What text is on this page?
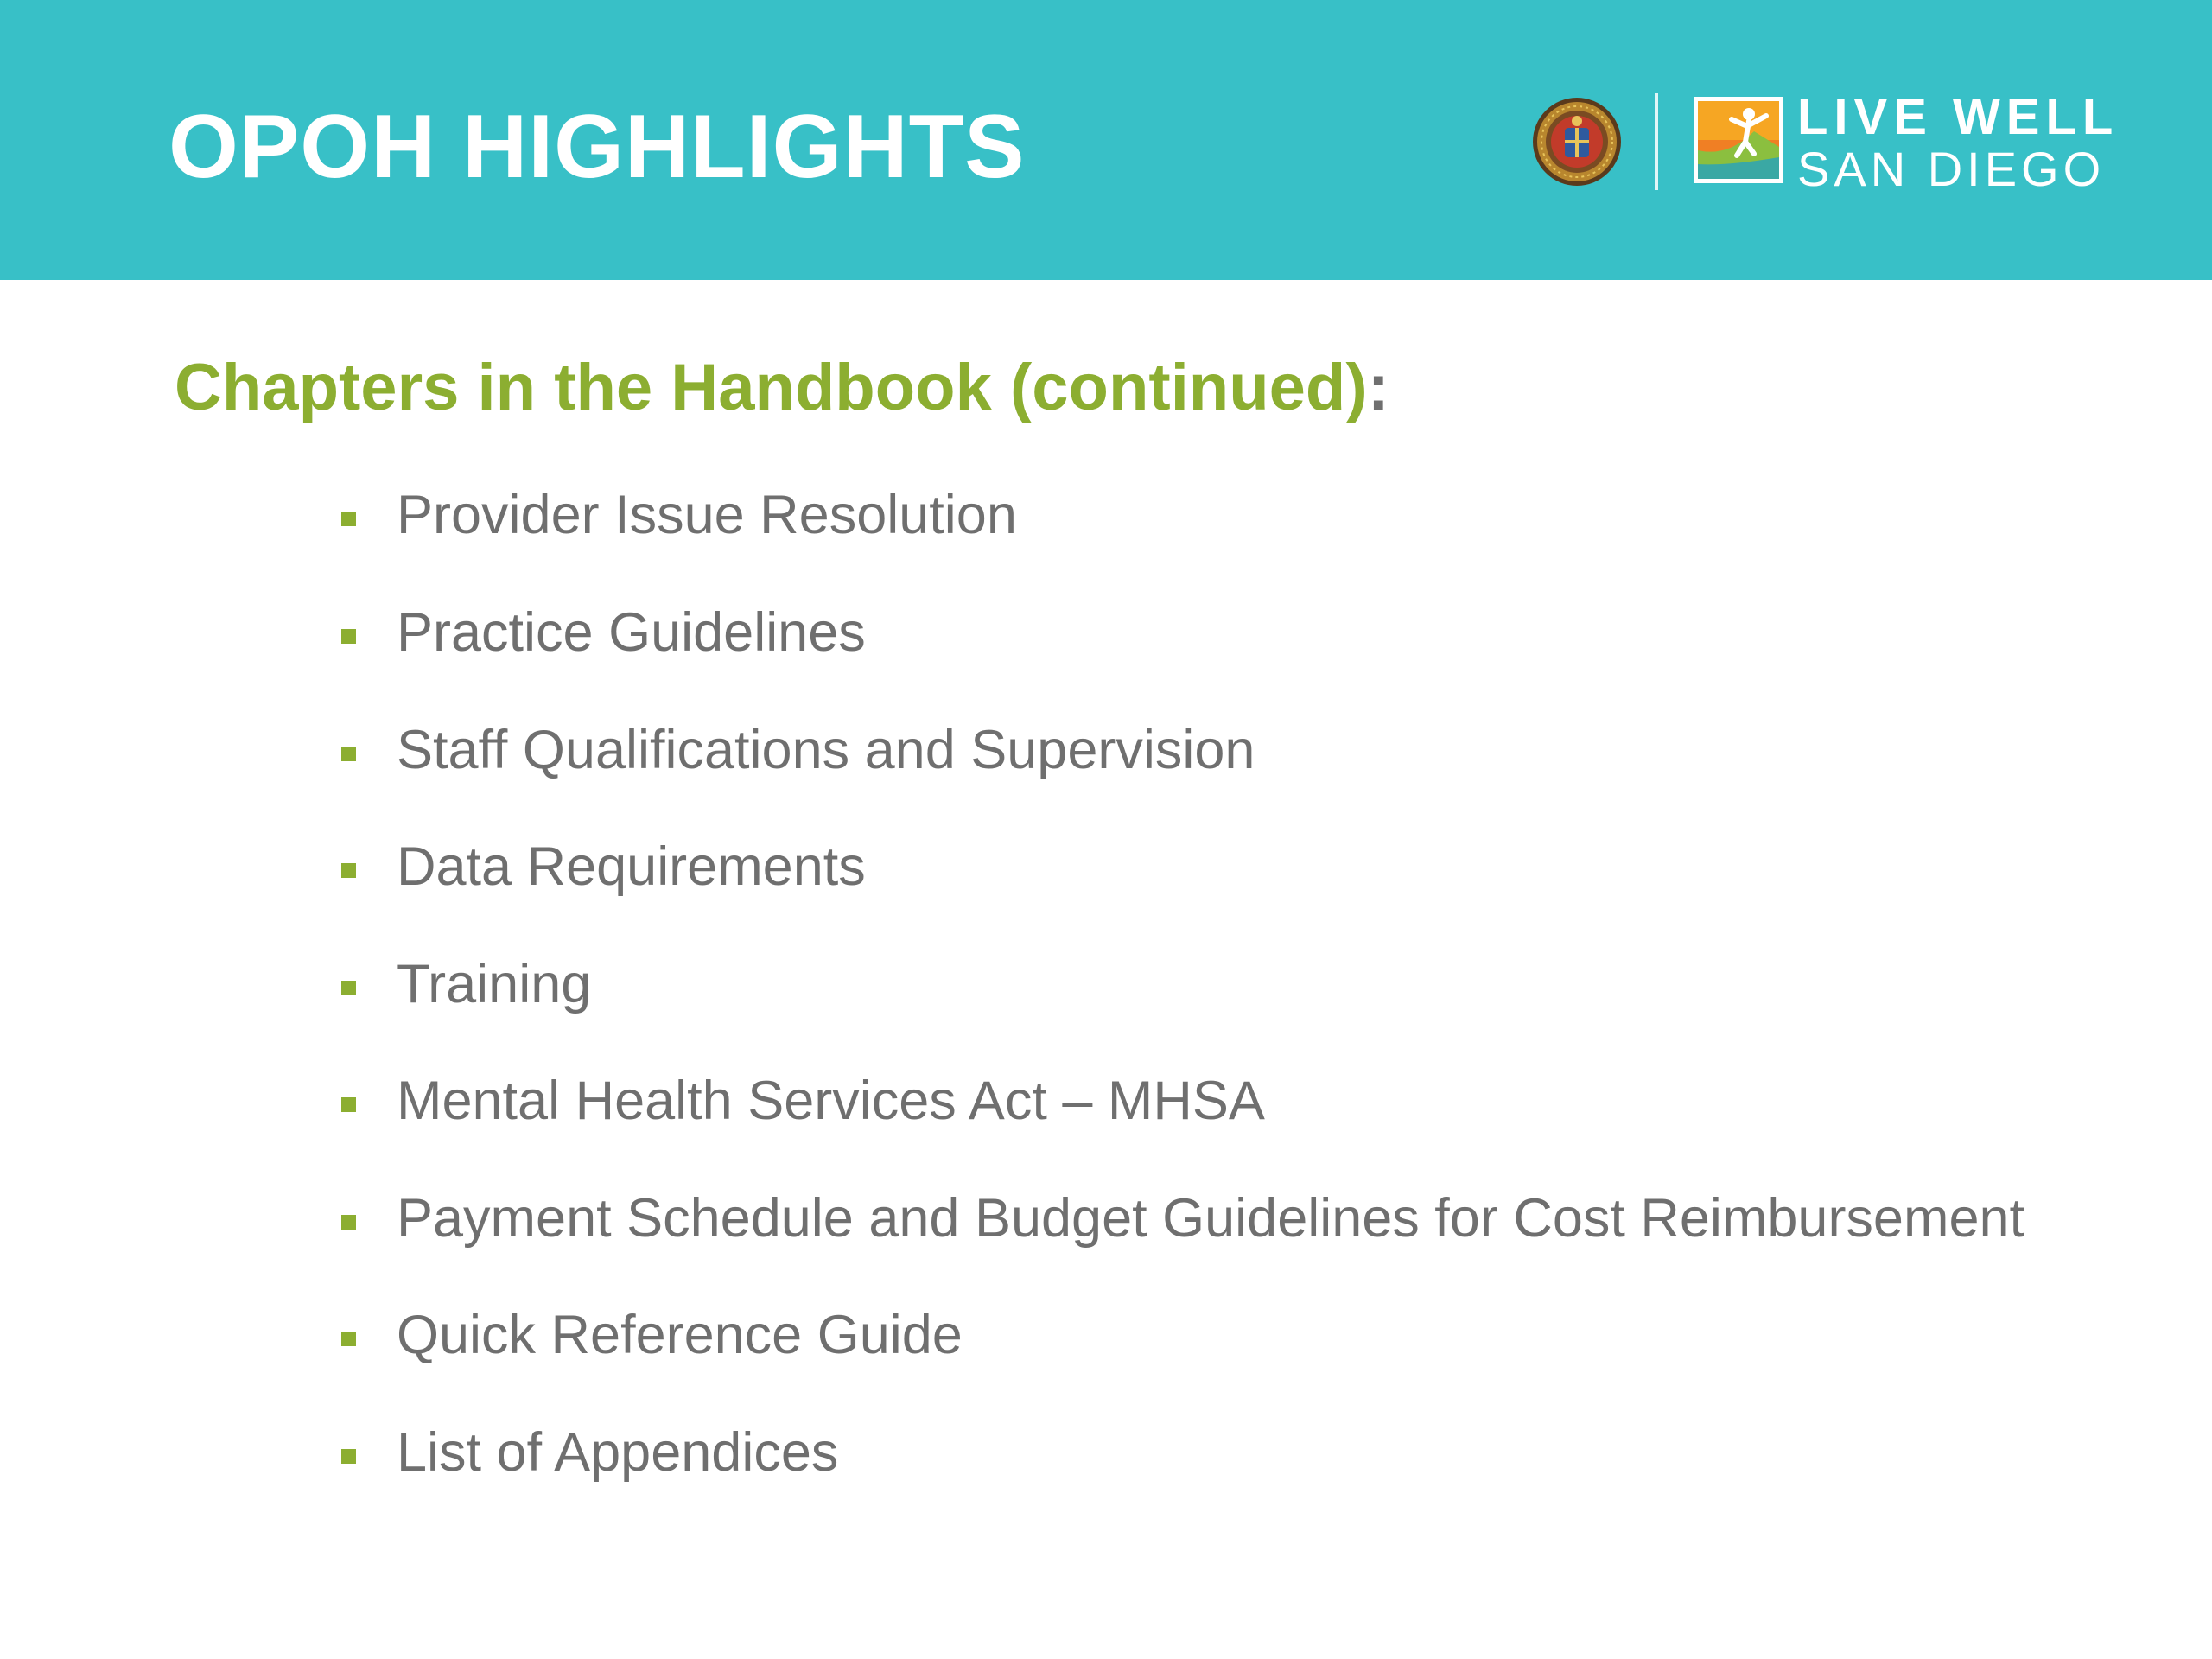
OPOH HIGHLIGHTS	LIVE WELL
SAN DIEGO
Chapters in the Handbook (continued):
Provider Issue Resolution
Practice Guidelines
Staff Qualifications and Supervision
Data Requirements
Training
Mental Health Services Act – MHSA
Payment Schedule and Budget Guidelines for Cost Reimbursement
Quick Reference Guide
List of Appendices
